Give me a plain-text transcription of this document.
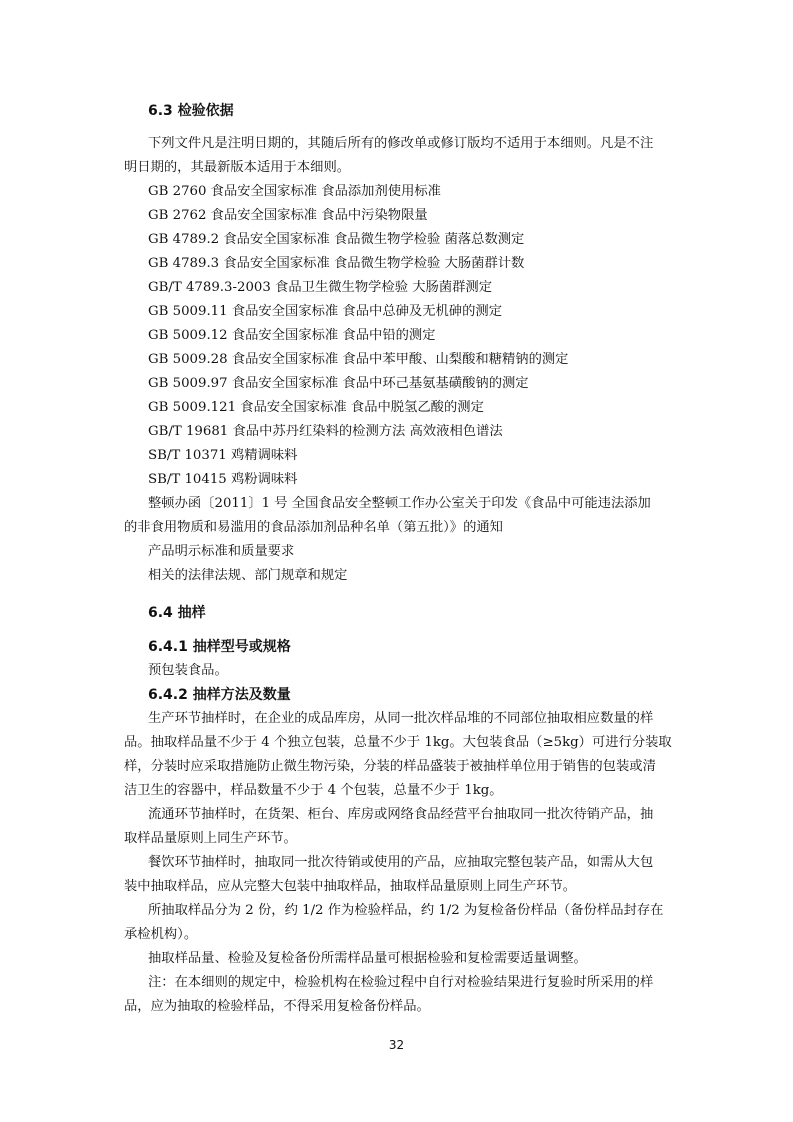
6.3 检验依据
下列文件凡是注明日期的，其随后所有的修改单或修订版均不适用于本细则。凡是不注
明日期的，其最新版本适用于本细则。
GB 2760 食品安全国家标准 食品添加剂使用标准
GB 2762 食品安全国家标准 食品中污染物限量
GB 4789.2 食品安全国家标准 食品微生物学检验 菌落总数测定
GB 4789.3 食品安全国家标准 食品微生物学检验 大肠菌群计数
GB/T 4789.3-2003 食品卫生微生物学检验 大肠菌群测定
GB 5009.11 食品安全国家标准 食品中总砷及无机砷的测定
GB 5009.12 食品安全国家标准 食品中铅的测定
GB 5009.28 食品安全国家标准 食品中苯甲酸、山梨酸和糖精钠的测定
GB 5009.97 食品安全国家标准 食品中环己基氨基磺酸钠的测定
GB 5009.121 食品安全国家标准 食品中脱氢乙酸的测定
GB/T 19681 食品中苏丹红染料的检测方法 高效液相色谱法
SB/T 10371 鸡精调味料
SB/T 10415 鸡粉调味料
整顿办函〔2011〕1 号 全国食品安全整顿工作办公室关于印发《食品中可能违法添加
的非食用物质和易滥用的食品添加剂品种名单（第五批）》的通知
产品明示标准和质量要求
相关的法律法规、部门规章和规定
6.4 抽样
6.4.1 抽样型号或规格
预包装食品。
6.4.2 抽样方法及数量
生产环节抽样时，在企业的成品库房，从同一批次样品堆的不同部位抽取相应数量的样
品。抽取样品量不少于 4 个独立包装，总量不少于 1kg。大包装食品（≥5kg）可进行分装取
样，分装时应采取措施防止微生物污染，分装的样品盛装于被抽样单位用于销售的包装或清
洁卫生的容器中，样品数量不少于 4 个包装，总量不少于 1kg。
流通环节抽样时，在货架、柜台、库房或网络食品经营平台抽取同一批次待销产品，抽
取样品量原则上同生产环节。
餐饮环节抽样时，抽取同一批次待销或使用的产品，应抽取完整包装产品，如需从大包
装中抽取样品，应从完整大包装中抽取样品，抽取样品量原则上同生产环节。
所抽取样品分为 2 份，约 1/2 作为检验样品，约 1/2 为复检备份样品（备份样品封存在
承检机构）。
抽取样品量、检验及复检备份所需样品量可根据检验和复检需要适量调整。
注：在本细则的规定中，检验机构在检验过程中自行对检验结果进行复验时所采用的样
品，应为抽取的检验样品，不得采用复检备份样品。
32
